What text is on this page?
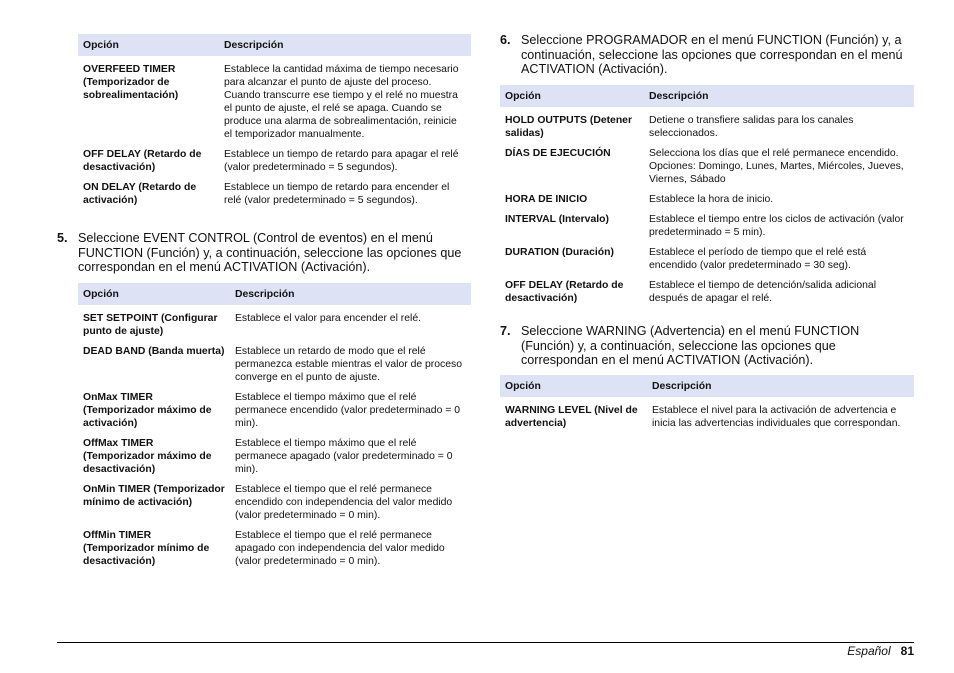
Opción	Descripción
OVERFEED TIMER (Temporizador de sobrealimentación)	Establece la cantidad máxima de tiempo necesario para alcanzar el punto de ajuste del proceso. Cuando transcurre ese tiempo y el relé no muestra el punto de ajuste, el relé se apaga. Cuando se produce una alarma de sobrealimentación, reinicie el temporizador manualmente.
OFF DELAY (Retardo de desactivación)	Establece un tiempo de retardo para apagar el relé (valor predeterminado = 5 segundos).
ON DELAY (Retardo de activación)	Establece un tiempo de retardo para encender el relé (valor predeterminado = 5 segundos).
5. Seleccione EVENT CONTROL (Control de eventos) en el menú FUNCTION (Función) y, a continuación, seleccione las opciones que correspondan en el menú ACTIVATION (Activación).
Opción	Descripción
SET SETPOINT (Configurar punto de ajuste)	Establece el valor para encender el relé.
DEAD BAND (Banda muerta)	Establece un retardo de modo que el relé permanezca estable mientras el valor de proceso converge en el punto de ajuste.
OnMax TIMER (Temporizador máximo de activación)	Establece el tiempo máximo que el relé permanece encendido (valor predeterminado = 0 min).
OffMax TIMER (Temporizador máximo de desactivación)	Establece el tiempo máximo que el relé permanece apagado (valor predeterminado = 0 min).
OnMin TIMER (Temporizador mínimo de activación)	Establece el tiempo que el relé permanece encendido con independencia del valor medido (valor predeterminado = 0 min).
OffMin TIMER (Temporizador mínimo de desactivación)	Establece el tiempo que el relé permanece apagado con independencia del valor medido (valor predeterminado = 0 min).
6. Seleccione PROGRAMADOR en el menú FUNCTION (Función) y, a continuación, seleccione las opciones que correspondan en el menú ACTIVATION (Activación).
Opción	Descripción
HOLD OUTPUTS (Detener salidas)	Detiene o transfiere salidas para los canales seleccionados.
DÍAS DE EJECUCIÓN	Selecciona los días que el relé permanece encendido. Opciones: Domingo, Lunes, Martes, Miércoles, Jueves, Viernes, Sábado
HORA DE INICIO	Establece la hora de inicio.
INTERVAL (Intervalo)	Establece el tiempo entre los ciclos de activación (valor predeterminado = 5 min).
DURATION (Duración)	Establece el período de tiempo que el relé está encendido (valor predeterminado = 30 seg).
OFF DELAY (Retardo de desactivación)	Establece el tiempo de detención/salida adicional después de apagar el relé.
7. Seleccione WARNING (Advertencia) en el menú FUNCTION (Función) y, a continuación, seleccione las opciones que correspondan en el menú ACTIVATION (Activación).
Opción	Descripción
WARNING LEVEL (Nivel de advertencia)	Establece el nivel para la activación de advertencia e inicia las advertencias individuales que correspondan.
Español 81
